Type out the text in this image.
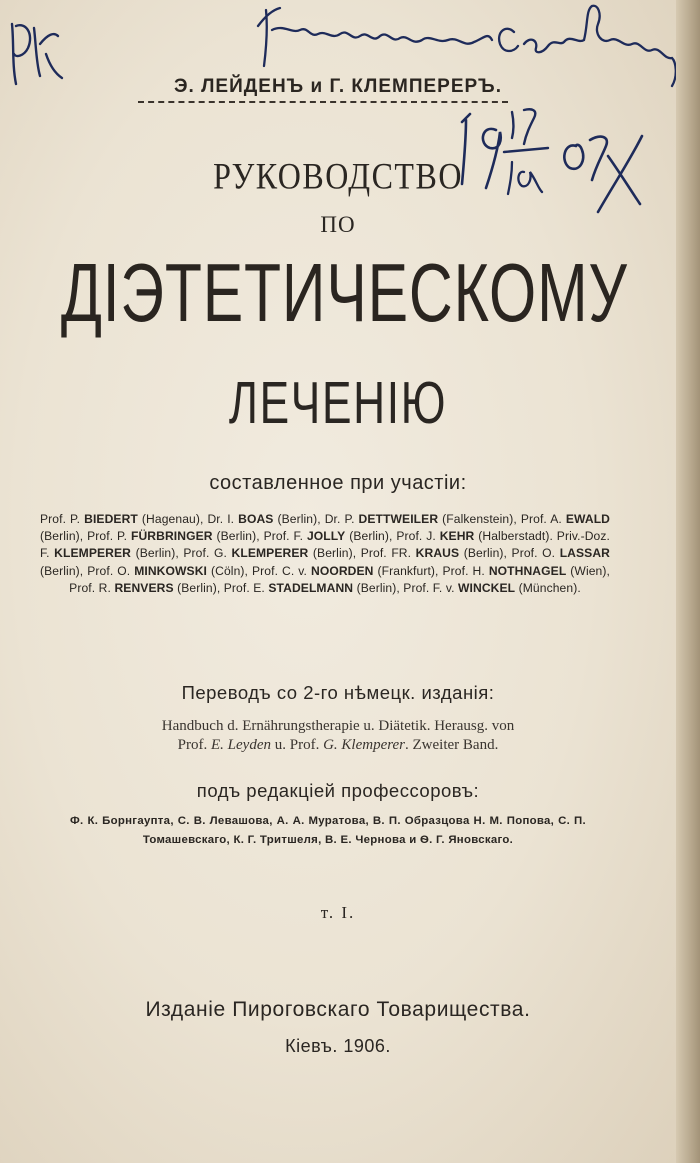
Э. ЛЕЙДЕНЪ и Г. КЛЕМПЕРЕРЪ.
РУКОВОДСТВО
ПО
ДІЭТЕТИЧЕСКОМУ
ЛЕЧЕНІЮ
составленное при участіи:
Prof. P. BIEDERT (Hagenau), Dr. I. BOAS (Berlin), Dr. P. DETTWEILER (Falkenstein), Prof. A. EWALD (Berlin), Prof. P. FÜRBRINGER (Berlin), Prof. F. JOLLY (Berlin), Prof. J. KEHR (Halberstadt). Priv.-Doz. F. KLEMPERER (Berlin), Prof. G. KLEMPERER (Berlin), Prof. FR. KRAUS (Berlin), Prof. O. LASSAR (Berlin), Prof. O. MINKOWSKI (Cöln), Prof. C. v. NOORDEN (Frankfurt), Prof. H. NOTHNAGEL (Wien), Prof. R. RENVERS (Berlin), Prof. E. STADELMANN (Berlin), Prof. F. v. WINCKEL (München).
Переводъ со 2-го нѣмецк. изданія:
Handbuch d. Ernährungstherapie u. Diätetik. Herausg. von
Prof. E. Leyden u. Prof. G. Klemperer. Zweiter Band.
подъ редакціей профессоровъ:
Ф. К. Борнгаупта, С. В. Левашова, А. А. Муратова, В. П. Образцова Н. М. Попова, С. П. Томашевскаго, К. Г. Тритшеля, В. Е. Чернова и Ѳ. Г. Яновскаго.
т. I.
Изданіе Пироговскаго Товарищества.
Кіевъ. 1906.
